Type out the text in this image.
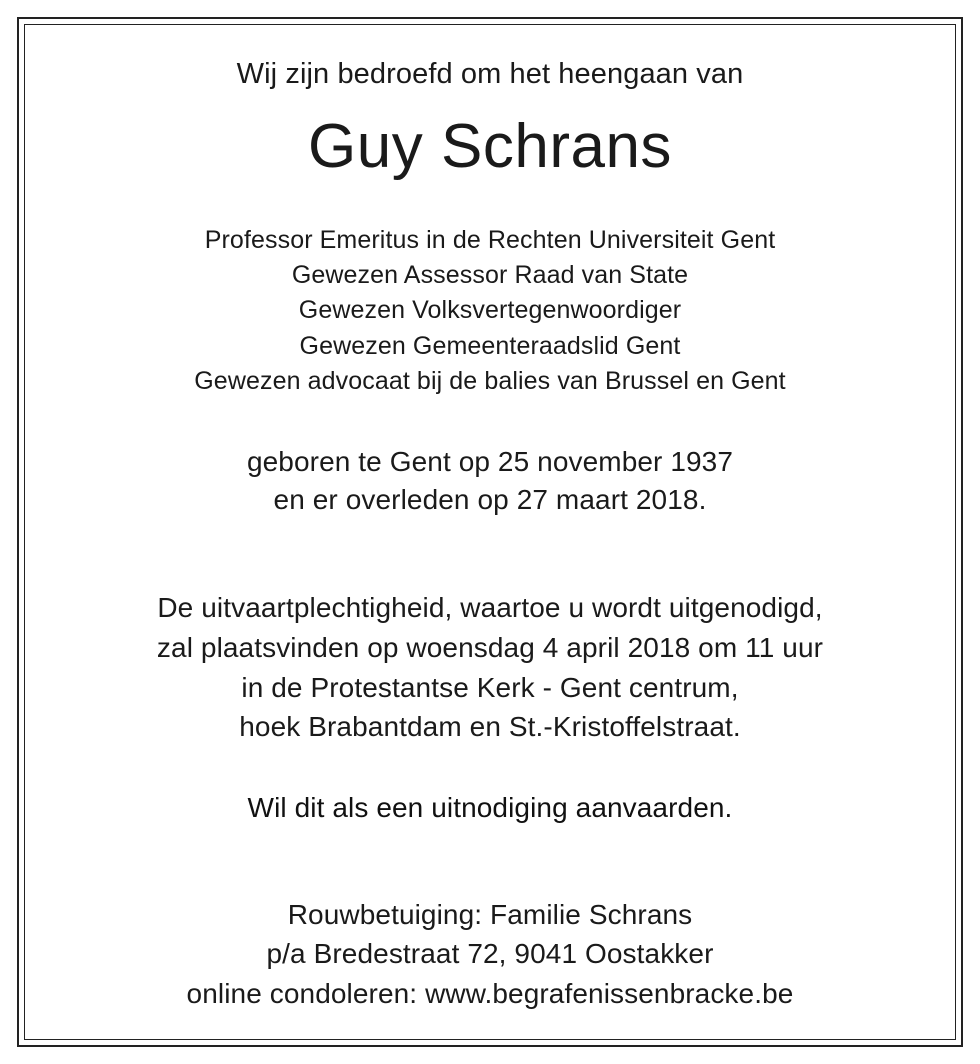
Wij zijn bedroefd om het heengaan van
Guy Schrans
Professor Emeritus in de Rechten Universiteit Gent
Gewezen Assessor Raad van State
Gewezen Volksvertegenwoordiger
Gewezen Gemeenteraadslid Gent
Gewezen advocaat bij de balies van Brussel en Gent
geboren te Gent op 25 november 1937
en er overleden op 27 maart 2018.
De uitvaartplechtigheid, waartoe u wordt uitgenodigd,
zal plaatsvinden op woensdag 4 april 2018 om 11 uur
in de Protestantse Kerk - Gent centrum,
hoek Brabantdam en St.-Kristoffelstraat.
Wil dit als een uitnodiging aanvaarden.
Rouwbetuiging: Familie Schrans
p/a Bredestraat 72, 9041 Oostakker
online condoleren: www.begrafenissenbracke.be
